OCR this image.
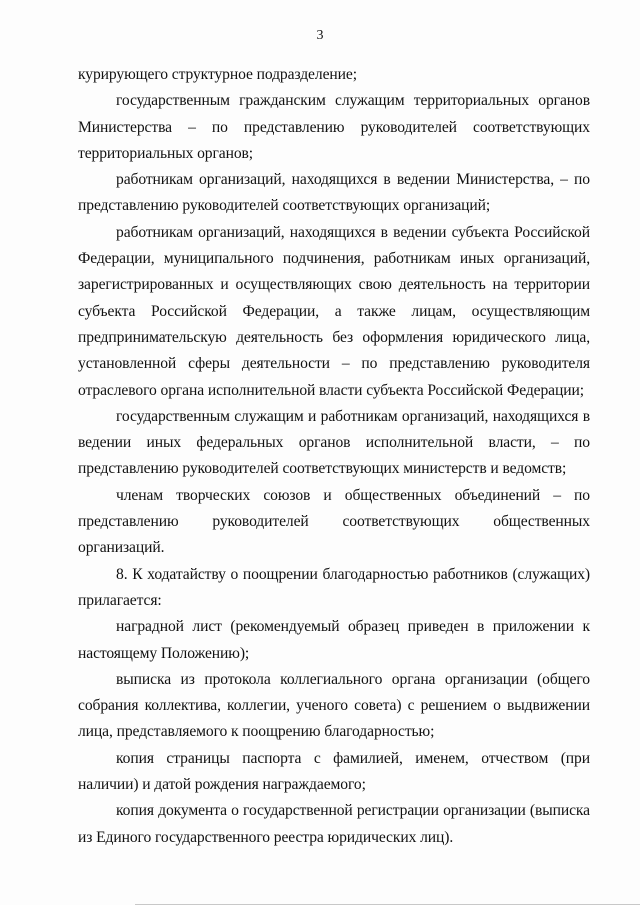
3

курирующего структурное подразделение;

государственным гражданским служащим территориальных органов Министерства – по представлению руководителей соответствующих территориальных органов;

работникам организаций, находящихся в ведении Министерства, – по представлению руководителей соответствующих организаций;

работникам организаций, находящихся в ведении субъекта Российской Федерации, муниципального подчинения, работникам иных организаций, зарегистрированных и осуществляющих свою деятельность на территории субъекта Российской Федерации, а также лицам, осуществляющим предпринимательскую деятельность без оформления юридического лица, установленной сферы деятельности – по представлению руководителя отраслевого органа исполнительной власти субъекта Российской Федерации;

государственным служащим и работникам организаций, находящихся в ведении иных федеральных органов исполнительной власти, – по представлению руководителей соответствующих министерств и ведомств;

членам творческих союзов и общественных объединений – по представлению руководителей соответствующих общественных организаций.

8. К ходатайству о поощрении благодарностью работников (служащих) прилагается:

наградной лист (рекомендуемый образец приведен в приложении к настоящему Положению);

выписка из протокола коллегиального органа организации (общего собрания коллектива, коллегии, ученого совета) с решением о выдвижении лица, представляемого к поощрению благодарностью;

копия страницы паспорта с фамилией, именем, отчеством (при наличии) и датой рождения награждаемого;

копия документа о государственной регистрации организации (выписка из Единого государственного реестра юридических лиц).
